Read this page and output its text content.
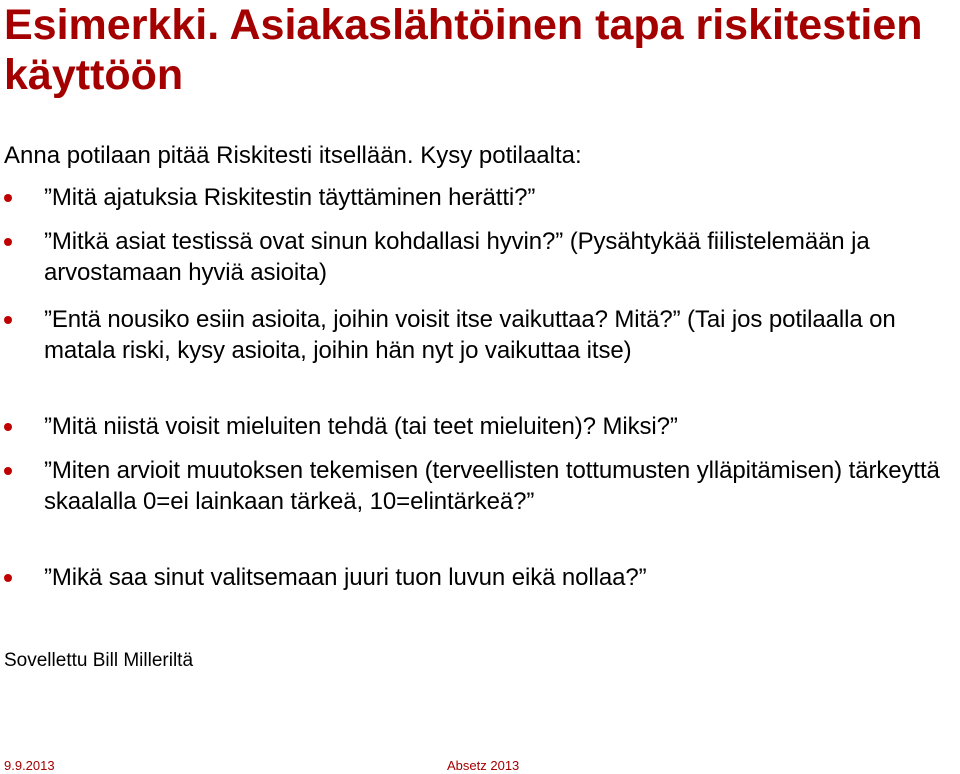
Esimerkki. Asiakaslähtöinen tapa riskitestien käyttöön
Anna potilaan pitää Riskitesti itsellään. Kysy potilaalta:
”Mitä ajatuksia Riskitestin täyttäminen herätti?”
”Mitkä asiat testissä ovat sinun kohdallasi hyvin?” (Pysähtykää fiilistelemään ja arvostamaan hyviä asioita)
”Entä nousiko esiin asioita, joihin voisit itse vaikuttaa? Mitä?” (Tai jos potilaalla on matala riski, kysy asioita, joihin hän nyt jo vaikuttaa itse)
”Mitä niistä voisit mieluiten tehdä (tai teet mieluiten)? Miksi?”
”Miten arvioit muutoksen tekemisen (terveellisten tottumusten ylläpitämisen) tärkeyttä skaalalla 0=ei lainkaan tärkeä, 10=elintärkeä?”
”Mikä saa sinut valitsemaan juuri tuon luvun eikä nollaa?”
Sovellettu Bill Milleriltä
9.9.2013	Absetz 2013
